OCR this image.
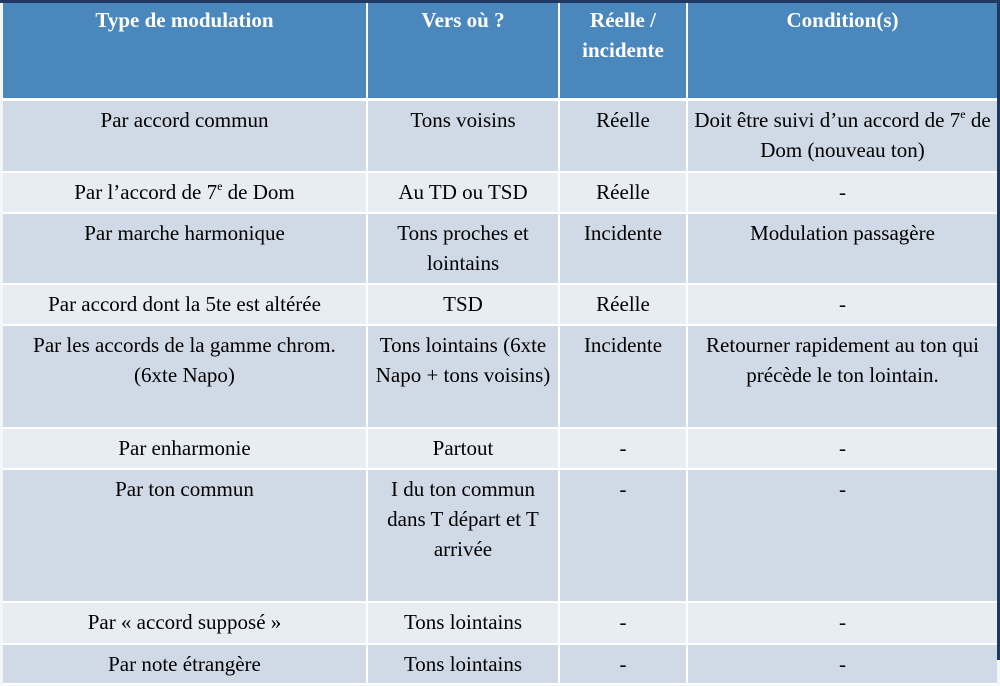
Type de modulation	Vers où ?	Réelle / incidente	Condition(s)
Par accord commun	Tons voisins	Réelle	Doit être suivi d’un accord de 7e de Dom (nouveau ton)
Par l’accord de 7e de Dom	Au TD ou TSD	Réelle	-
Par marche harmonique	Tons proches et lointains	Incidente	Modulation passagère
Par accord dont la 5te est altérée	TSD	Réelle	-
Par les accords de la gamme chrom. (6xte Napo)	Tons lointains (6xte Napo + tons voisins)	Incidente	Retourner rapidement au ton qui précède le ton lointain.
Par enharmonie	Partout	-	-
Par ton commun	I du ton commun dans T départ et T arrivée	-	-
Par « accord supposé »	Tons lointains	-	-
Par note étrangère	Tons lointains	-	-
